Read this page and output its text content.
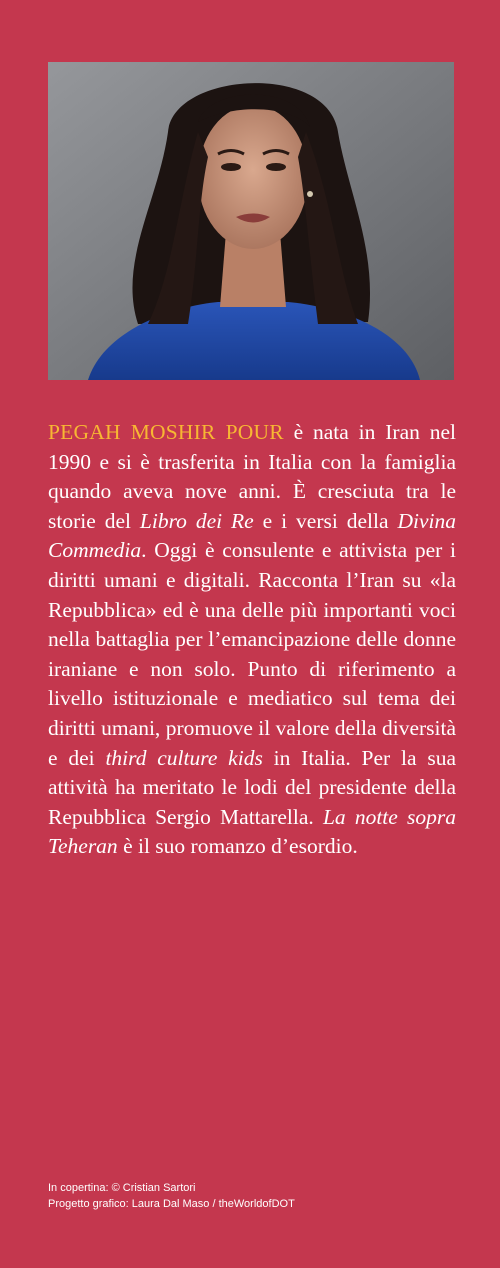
PEGAH MOSHIR POUR è nata in Iran nel 1990 e si è trasferita in Italia con la famiglia quando aveva nove anni. È cresciuta tra le storie del Libro dei Re e i versi della Divina Commedia. Oggi è consulente e attivista per i diritti umani e digitali. Racconta l’Iran su «la Repubblica» ed è una delle più importanti voci nella battaglia per l’emancipazione delle donne iraniane e non solo. Punto di riferimento a livello istituzionale e mediatico sul tema dei diritti umani, promuove il valore della diversità e dei third culture kids in Italia. Per la sua attività ha meritato le lodi del presidente della Repubblica Sergio Mattarella. La notte sopra Teheran è il suo romanzo d’esordio.
In copertina: © Cristian Sartori
Progetto grafico: Laura Dal Maso / theWorldofDOT
